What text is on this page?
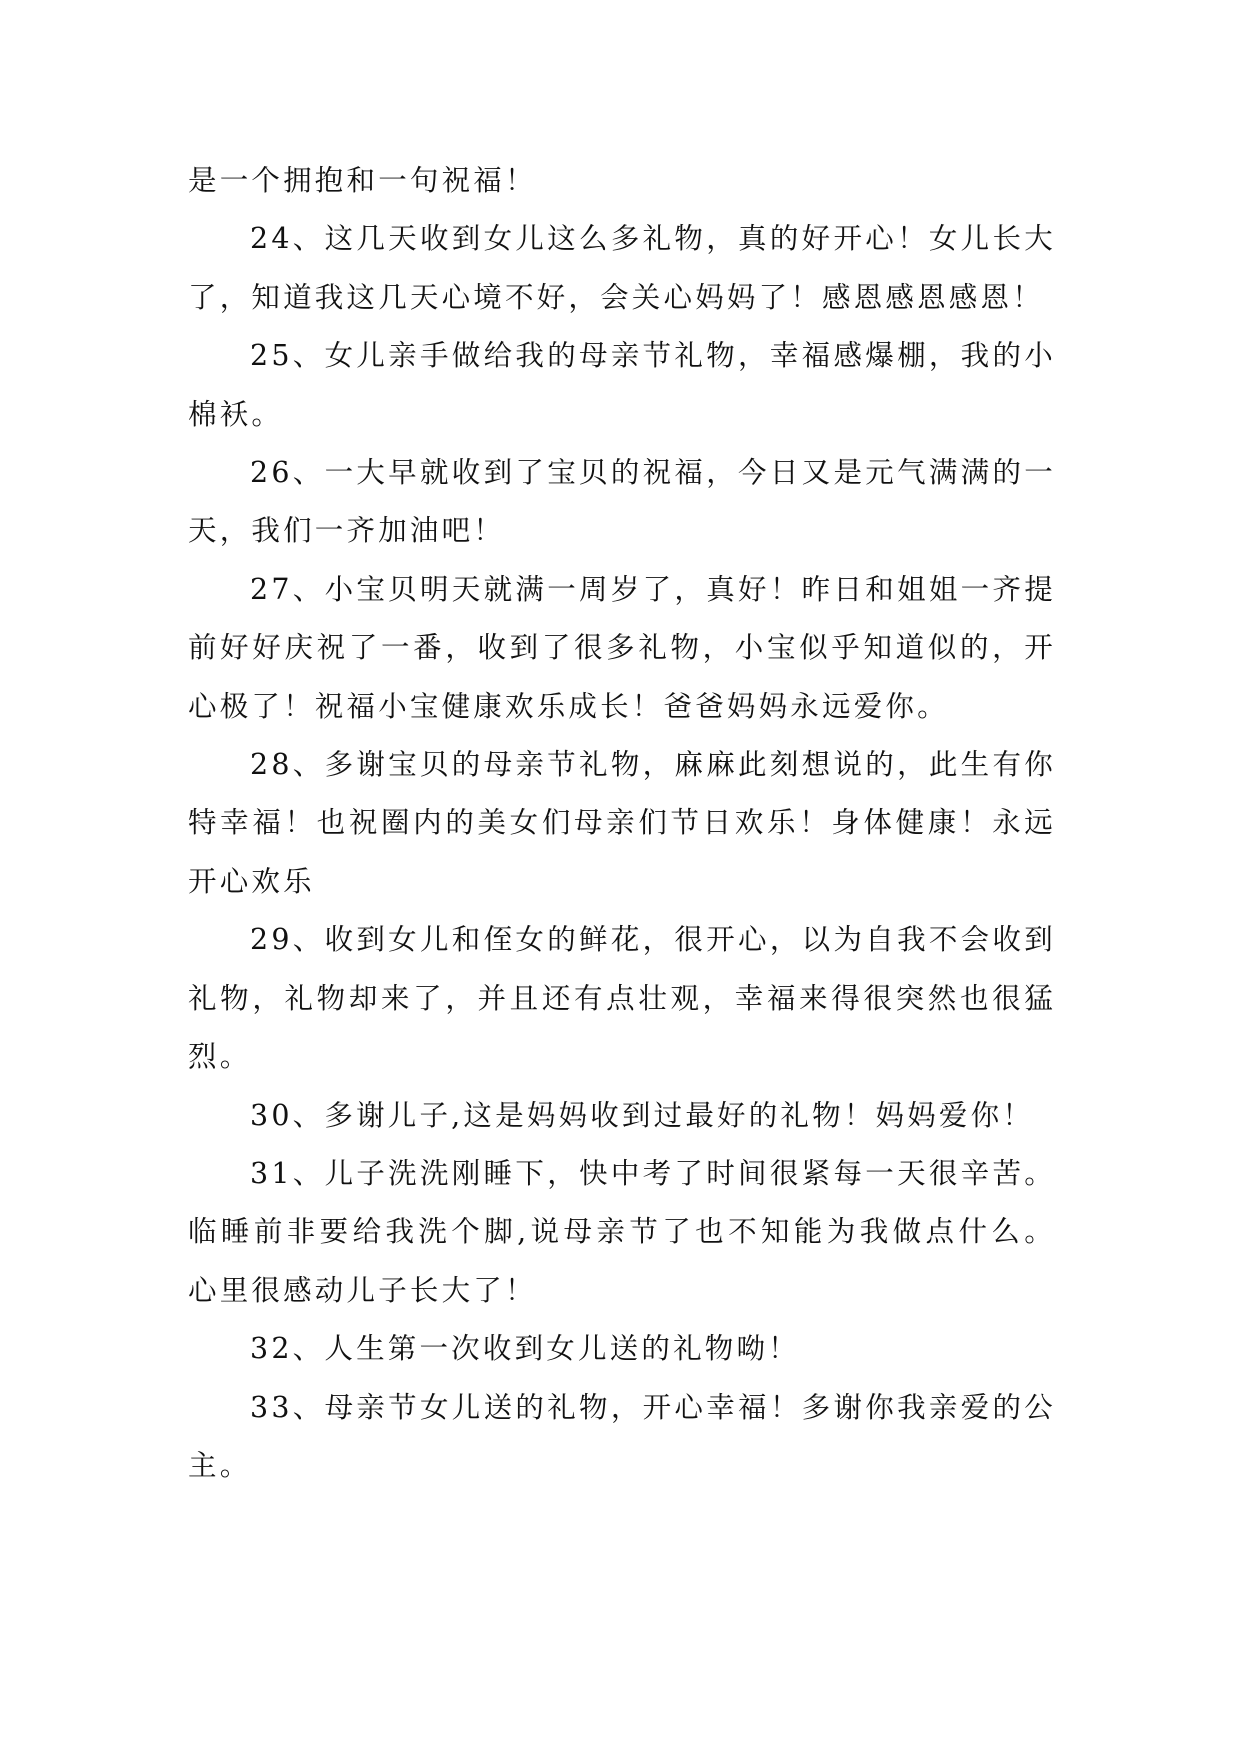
是一个拥抱和一句祝福！

24、这几天收到女儿这么多礼物，真的好开心！女儿长大了，知道我这几天心境不好，会关心妈妈了！感恩感恩感恩！

25、女儿亲手做给我的母亲节礼物，幸福感爆棚，我的小棉袄。

26、一大早就收到了宝贝的祝福，今日又是元气满满的一天，我们一齐加油吧！

27、小宝贝明天就满一周岁了，真好！昨日和姐姐一齐提前好好庆祝了一番，收到了很多礼物，小宝似乎知道似的，开心极了！祝福小宝健康欢乐成长！爸爸妈妈永远爱你。

28、多谢宝贝的母亲节礼物，麻麻此刻想说的，此生有你特幸福！也祝圈内的美女们母亲们节日欢乐！身体健康！永远开心欢乐

29、收到女儿和侄女的鲜花，很开心，以为自我不会收到礼物，礼物却来了，并且还有点壮观，幸福来得很突然也很猛烈。

30、多谢儿子,这是妈妈收到过最好的礼物！妈妈爱你！

31、儿子洗洗刚睡下，快中考了时间很紧每一天很辛苦。临睡前非要给我洗个脚,说母亲节了也不知能为我做点什么。心里很感动儿子长大了！

32、人生第一次收到女儿送的礼物呦！

33、母亲节女儿送的礼物，开心幸福！多谢你我亲爱的公主。
